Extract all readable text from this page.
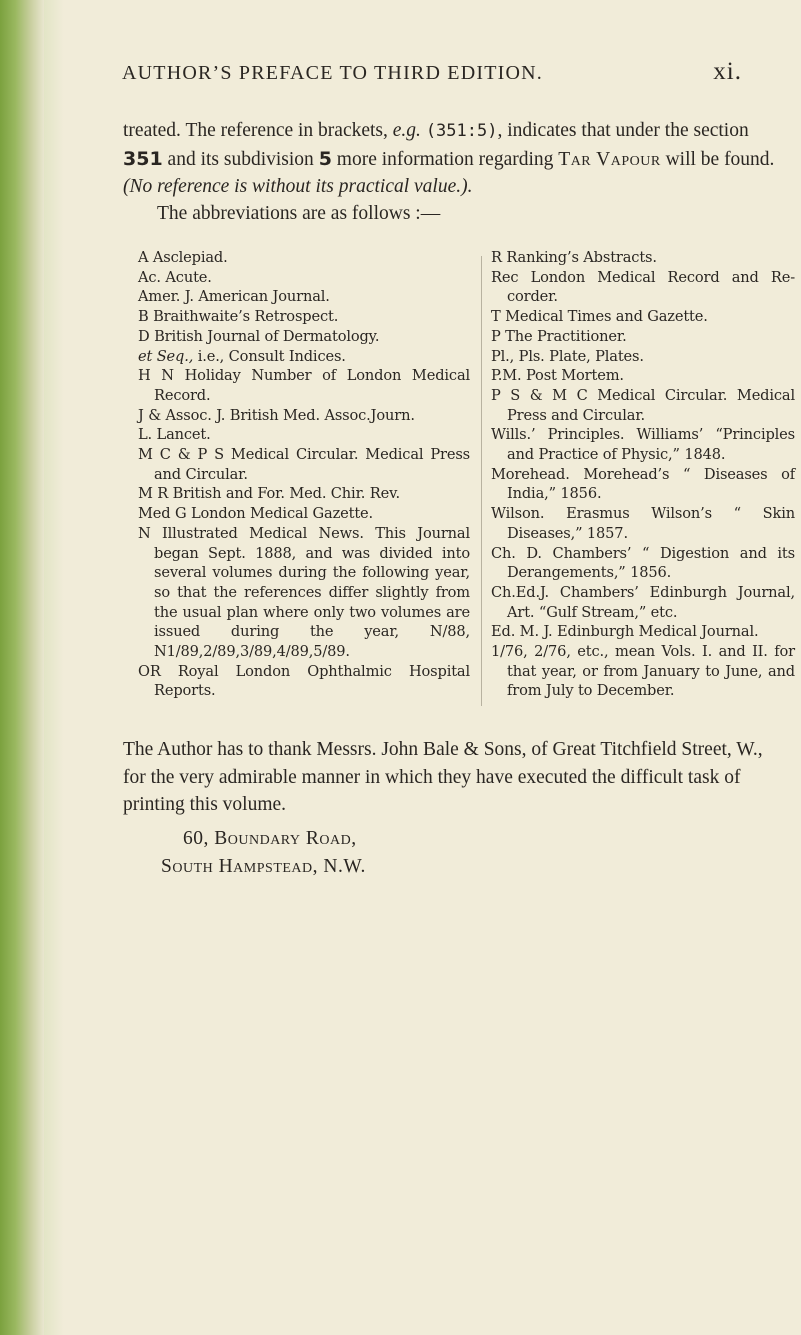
AUTHOR’S PREFACE TO THIRD EDITION.	xi.
treated. The reference in brackets, e.g. (351:5), indicates that under the section 351 and its subdivision 5 more information regarding Tar Vapour will be found. (No reference is without its practical value.).
The abbreviations are as follows :—
A Asclepiad.
Ac. Acute.
Amer. J. American Journal.
B Braithwaite’s Retrospect.
D British Journal of Dermatology.
et Seq., i.e., Consult Indices.
H N Holiday Number of London Medical Record.
J & Assoc. J. British Med. Assoc.Journ.
L. Lancet.
M C & P S Medical Circular. Medical Press and Circular.
M R British and For. Med. Chir. Rev.
Med G London Medical Gazette.
N Illustrated Medical News. This Journal began Sept. 1888, and was divided into several volumes during the following year, so that the references differ slightly from the usual plan where only two volumes are issued during the year, N/88, N1/89,2/89,3/89,4/89,5/89.
OR Royal London Ophthalmic Hospital Reports.
R Ranking’s Abstracts.
Rec London Medical Record and Re-corder.
T Medical Times and Gazette.
P The Practitioner.
Pl., Pls. Plate, Plates.
P.M. Post Mortem.
P S & M C Medical Circular. Medical Press and Circular.
Wills.’ Principles. Williams’ “Principles and Practice of Physic,” 1848.
Morehead. Morehead’s “ Diseases of India,” 1856.
Wilson. Erasmus Wilson’s “ Skin Diseases,” 1857.
Ch. D. Chambers’ “ Digestion and its Derangements,” 1856.
Ch.Ed.J. Chambers’ Edinburgh Journal, Art. “Gulf Stream,” etc.
Ed. M. J. Edinburgh Medical Journal.
1/76, 2/76, etc., mean Vols. I. and II. for that year, or from January to June, and from July to December.
The Author has to thank Messrs. John Bale & Sons, of Great Titchfield Street, W., for the very admirable manner in which they have executed the difficult task of printing this volume.
60, Boundary Road,
South Hampstead, N.W.
